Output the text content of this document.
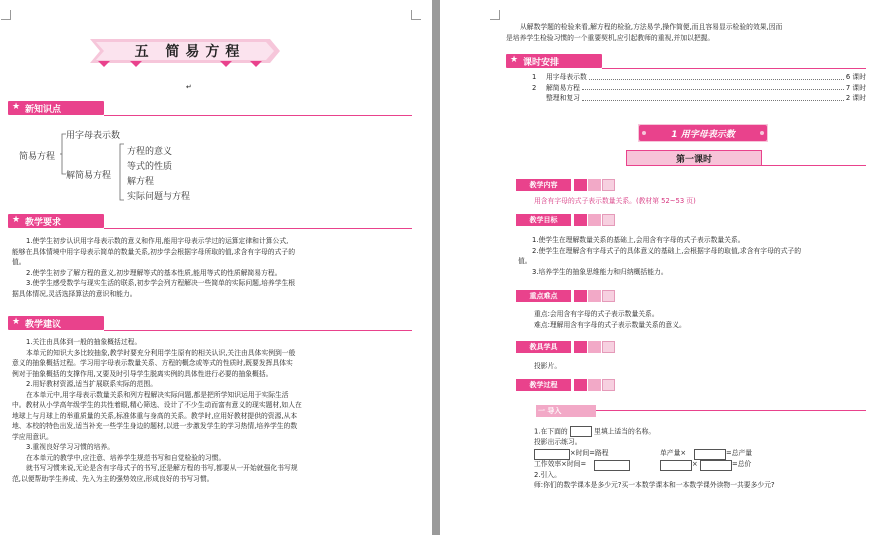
五 简易方程
↵
★ 新知识点
简易方程
用字母表示数
解简易方程
方程的意义
等式的性质
解方程
实际问题与方程
★ 教学要求
1.使学生初步认识用字母表示数的意义和作用,能用字母表示学过的运算定律和计算公式,
能够在具体情境中用字母表示简单的数量关系,初步学会根据字母所取的值,求含有字母的式子的
值。
2.使学生初步了解方程的意义,初步理解等式的基本性质,能用等式的性质解简易方程。
3.使学生感受数学与现实生活的联系,初步学会列方程解决一些简单的实际问题,培养学生根
据具体情况,灵活选择算法的意识和能力。
★ 教学建议
1.关注由具体到一般的抽象概括过程。
本单元的知识大多比较抽象,教学时要充分利用学生原有的相关认识,关注由具体实例到一般
意义的抽象概括过程。学习用字母表示数量关系、方程的概念或等式的性质时,既要发挥具体实
例对于抽象概括的支撑作用,又要及时引导学生脱离实例的具体性进行必要的抽象概括。
2.用好教材资源,适当扩展联系实际的范围。
在本单元中,用字母表示数量关系和列方程解决实际问题,都是把所学知识运用于实际生活
中。教材从小学高年级学生的共性着眼,精心筛选、设计了不少生动而富有意义的现实题材,如人在
地球上与月球上的举重质量的关系,标准体重与身高的关系。教学时,应用好教材提供的资源,从本
地、本校的特色出发,适当补充一些学生身边的题材,以进一步激发学生的学习热情,培养学生的数
学应用意识。
3.重视良好学习习惯的培养。
在本单元的教学中,应注意、培养学生规范书写和自觉检验的习惯。
就书写习惯来说,无论是含有字母式子的书写,还是解方程的书写,都要从一开始就强化书写规
范,以便帮助学生养成、先入为主的强势效应,形成良好的书写习惯。
从解数学题的检验来看,解方程的检验,方法易学,操作简便,而且容易显示检验的效果,因而
是培养学生检验习惯的一个重要契机,应引起教师的重视,并加以把握。
★ 课时安排
1	用字母表示数	6 课时
2	解简易方程	7 课时
整理和复习	2 课时
1 用字母表示数
第一课时
教学内容
用含有字母的式子表示数量关系。(教材第 52~53 页)
教学目标
1.使学生在理解数量关系的基础上,会用含有字母的式子表示数量关系。
2.使学生在理解含有字母式子的具体意义的基础上,会根据字母的取值,求含有字母的式子的
值。
3.培养学生的抽象思维能力和归纳概括能力。
重点难点
重点:会用含有字母的式子表示数量关系。
难点:理解用含有字母的式子表示数量关系的意义。
教具学具
投影片。
教学过程
一 导入
1.在下面的	里填上适当的名称。
投影出示练习。
×时间=路程	单产量×	=总产量
工作效率×时间=	×	=总价
2.引入。
师:你们的数学课本是多少元?买一本数学课本和一本数学课外读物一共要多少元?
